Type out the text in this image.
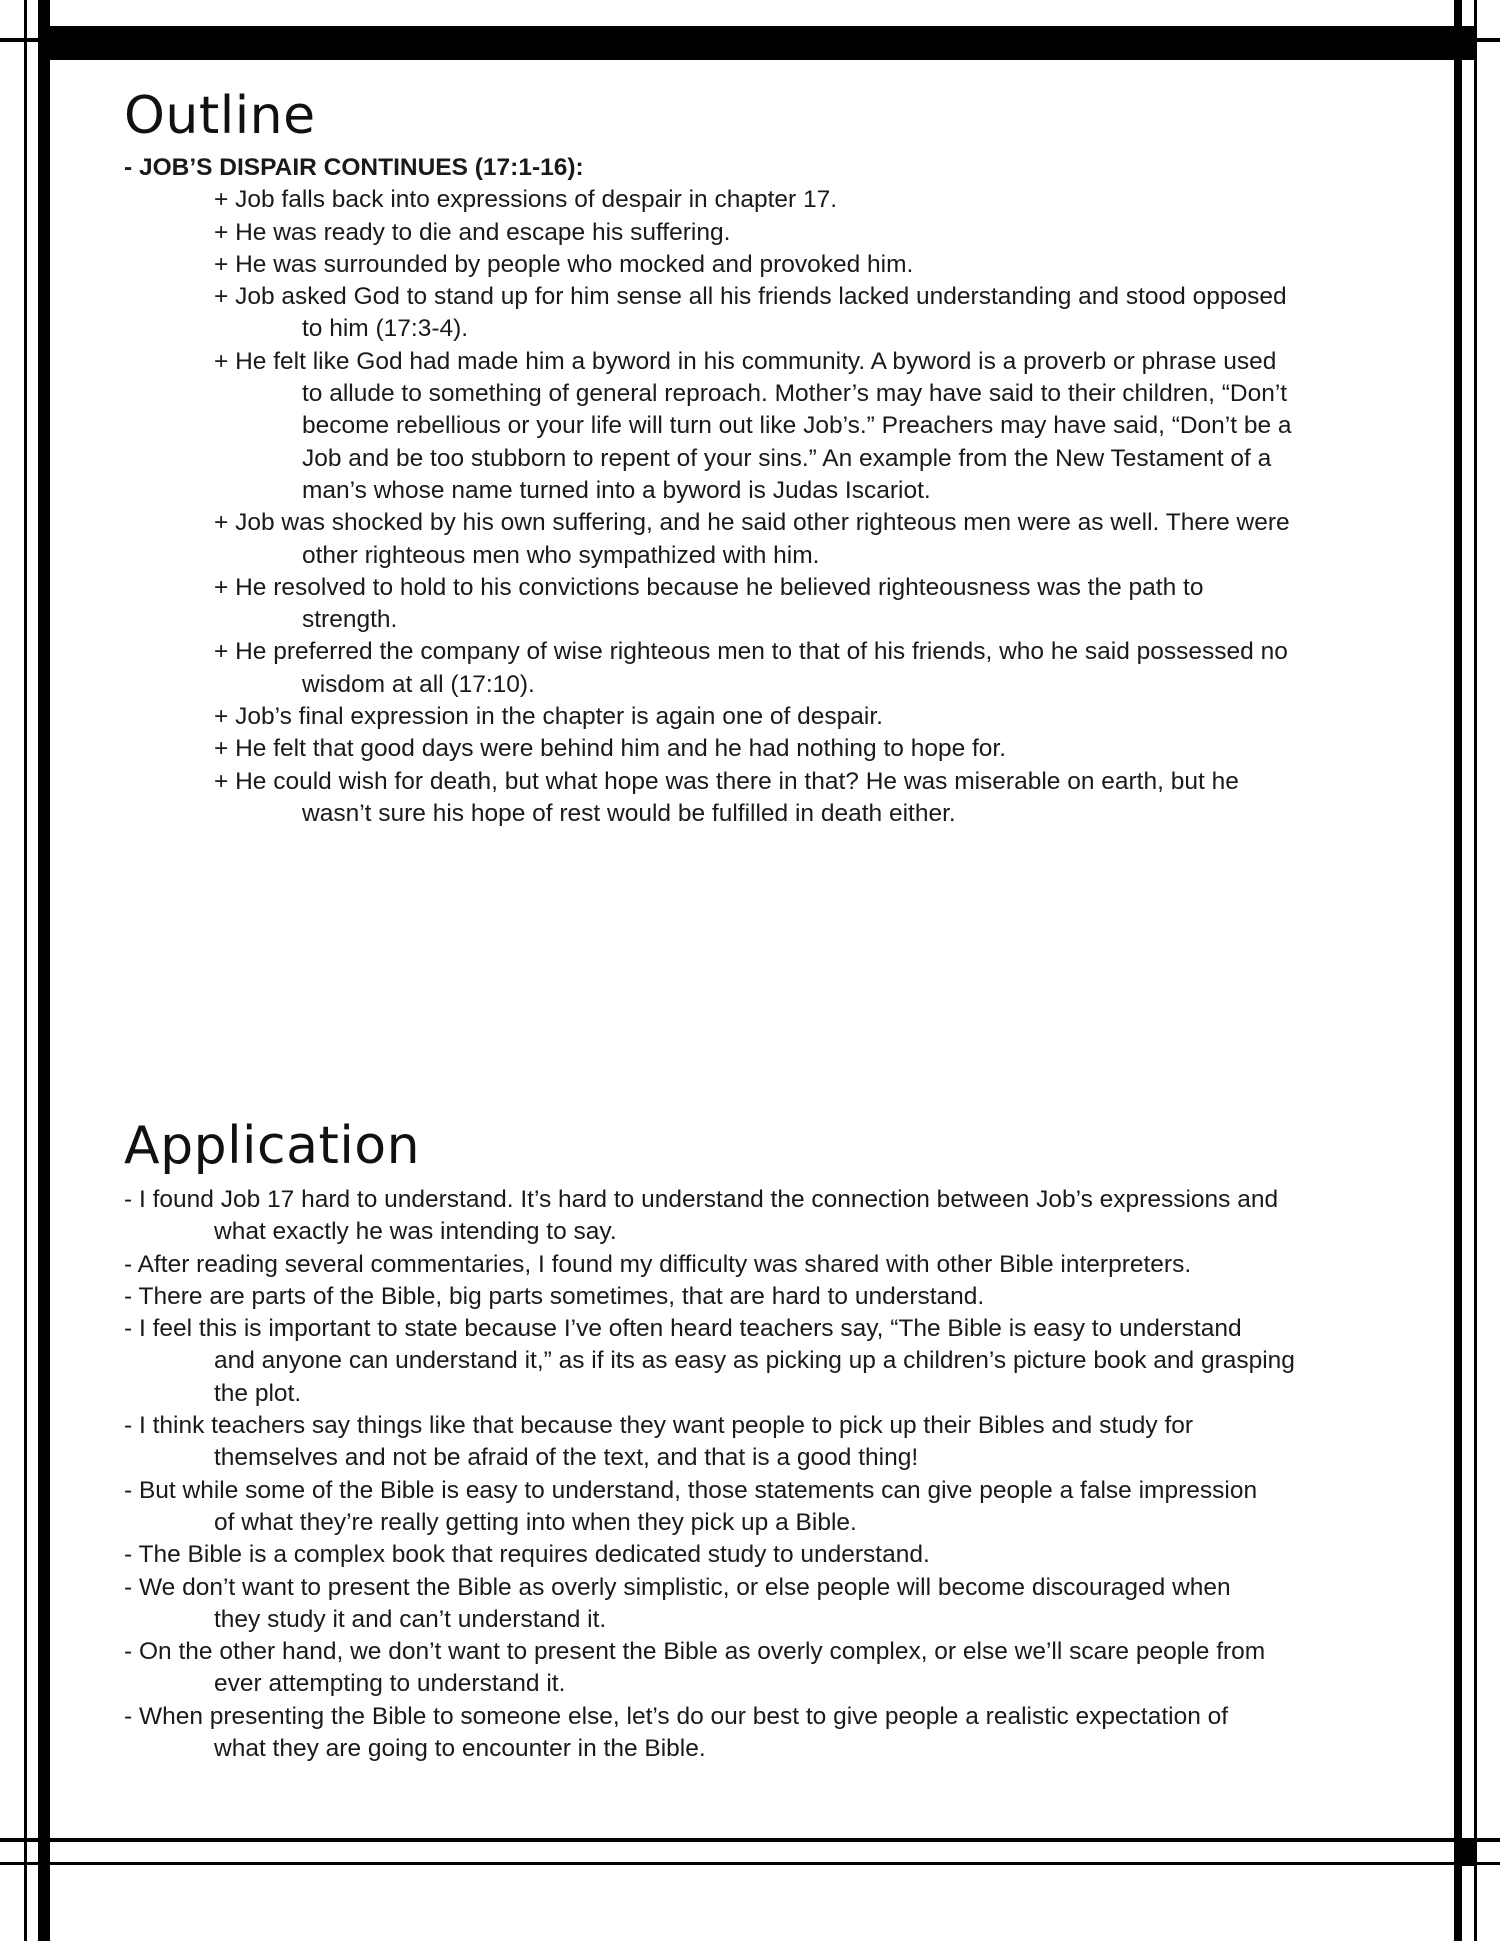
Outline
- JOB’S DISPAIR CONTINUES (17:1-16):
+ Job falls back into expressions of despair in chapter 17.
+ He was ready to die and escape his suffering.
+ He was surrounded by people who mocked and provoked him.
+ Job asked God to stand up for him sense all his friends lacked understanding and stood opposed
to him (17:3-4).
+ He felt like God had made him a byword in his community. A byword is a proverb or phrase used
to allude to something of general reproach. Mother’s may have said to their children, “Don’t
become rebellious or your life will turn out like Job’s.” Preachers may have said, “Don’t be a
Job and be too stubborn to repent of your sins.” An example from the New Testament of a
man’s whose name turned into a byword is Judas Iscariot.
+ Job was shocked by his own suffering, and he said other righteous men were as well. There were
other righteous men who sympathized with him.
+ He resolved to hold to his convictions because he believed righteousness was the path to
strength.
+ He preferred the company of wise righteous men to that of his friends, who he said possessed no
wisdom at all (17:10).
+ Job’s final expression in the chapter is again one of despair.
+ He felt that good days were behind him and he had nothing to hope for.
+ He could wish for death, but what hope was there in that? He was miserable on earth, but he
wasn’t sure his hope of rest would be fulfilled in death either.
Application
- I found Job 17 hard to understand. It’s hard to understand the connection between Job’s expressions and
what exactly he was intending to say.
- After reading several commentaries, I found my difficulty was shared with other Bible interpreters.
- There are parts of the Bible, big parts sometimes, that are hard to understand.
- I feel this is important to state because I’ve often heard teachers say, “The Bible is easy to understand
and anyone can understand it,” as if its as easy as picking up a children’s picture book and grasping
the plot.
- I think teachers say things like that because they want people to pick up their Bibles and study for
themselves and not be afraid of the text, and that is a good thing!
- But while some of the Bible is easy to understand, those statements can give people a false impression
of what they’re really getting into when they pick up a Bible.
- The Bible is a complex book that requires dedicated study to understand.
- We don’t want to present the Bible as overly simplistic, or else people will become discouraged when
they study it and can’t understand it.
- On the other hand, we don’t want to present the Bible as overly complex, or else we’ll scare people from
ever attempting to understand it.
- When presenting the Bible to someone else, let’s do our best to give people a realistic expectation of
what they are going to encounter in the Bible.
